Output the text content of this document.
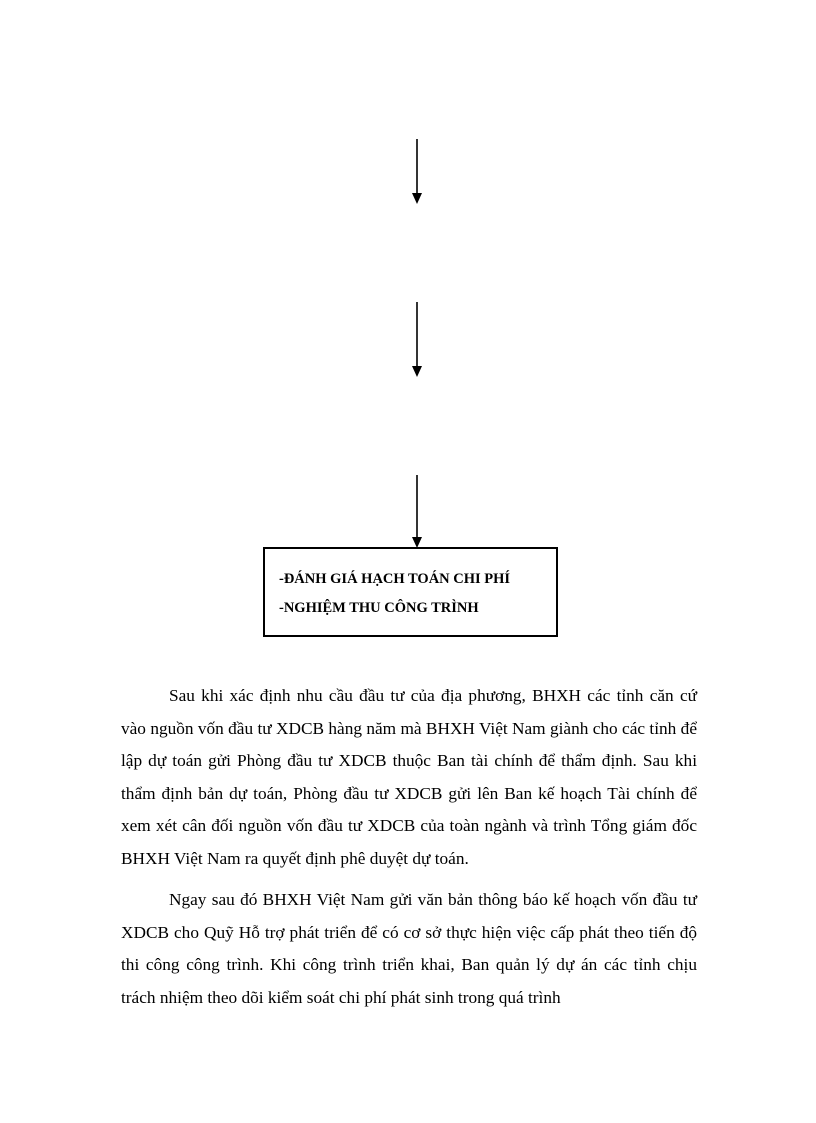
-ĐÁNH GIÁ HẠCH TOÁN CHI PHÍ
-NGHIỆM THU CÔNG TRÌNH

Sau khi xác định nhu cầu đầu tư của địa phương, BHXH các tỉnh căn cứ vào nguồn vốn đầu tư XDCB hàng năm mà BHXH Việt Nam giành cho các tỉnh để lập dự toán gửi Phòng đầu tư XDCB thuộc Ban tài chính để thẩm định. Sau khi thẩm định bản dự toán, Phòng đầu tư XDCB gửi lên Ban kế hoạch Tài chính để xem xét cân đối nguồn vốn đầu tư XDCB của toàn ngành và trình Tổng giám đốc BHXH Việt Nam ra quyết định phê duyệt dự toán.

Ngay sau đó BHXH Việt Nam gửi văn bản thông báo kế hoạch vốn đầu tư XDCB cho Quỹ Hỗ trợ phát triển để có cơ sở thực hiện việc cấp phát theo tiến độ thi công công trình. Khi công trình triển khai, Ban quản lý dự án các tỉnh chịu trách nhiệm theo dõi kiểm soát chi phí phát sinh trong quá trình
